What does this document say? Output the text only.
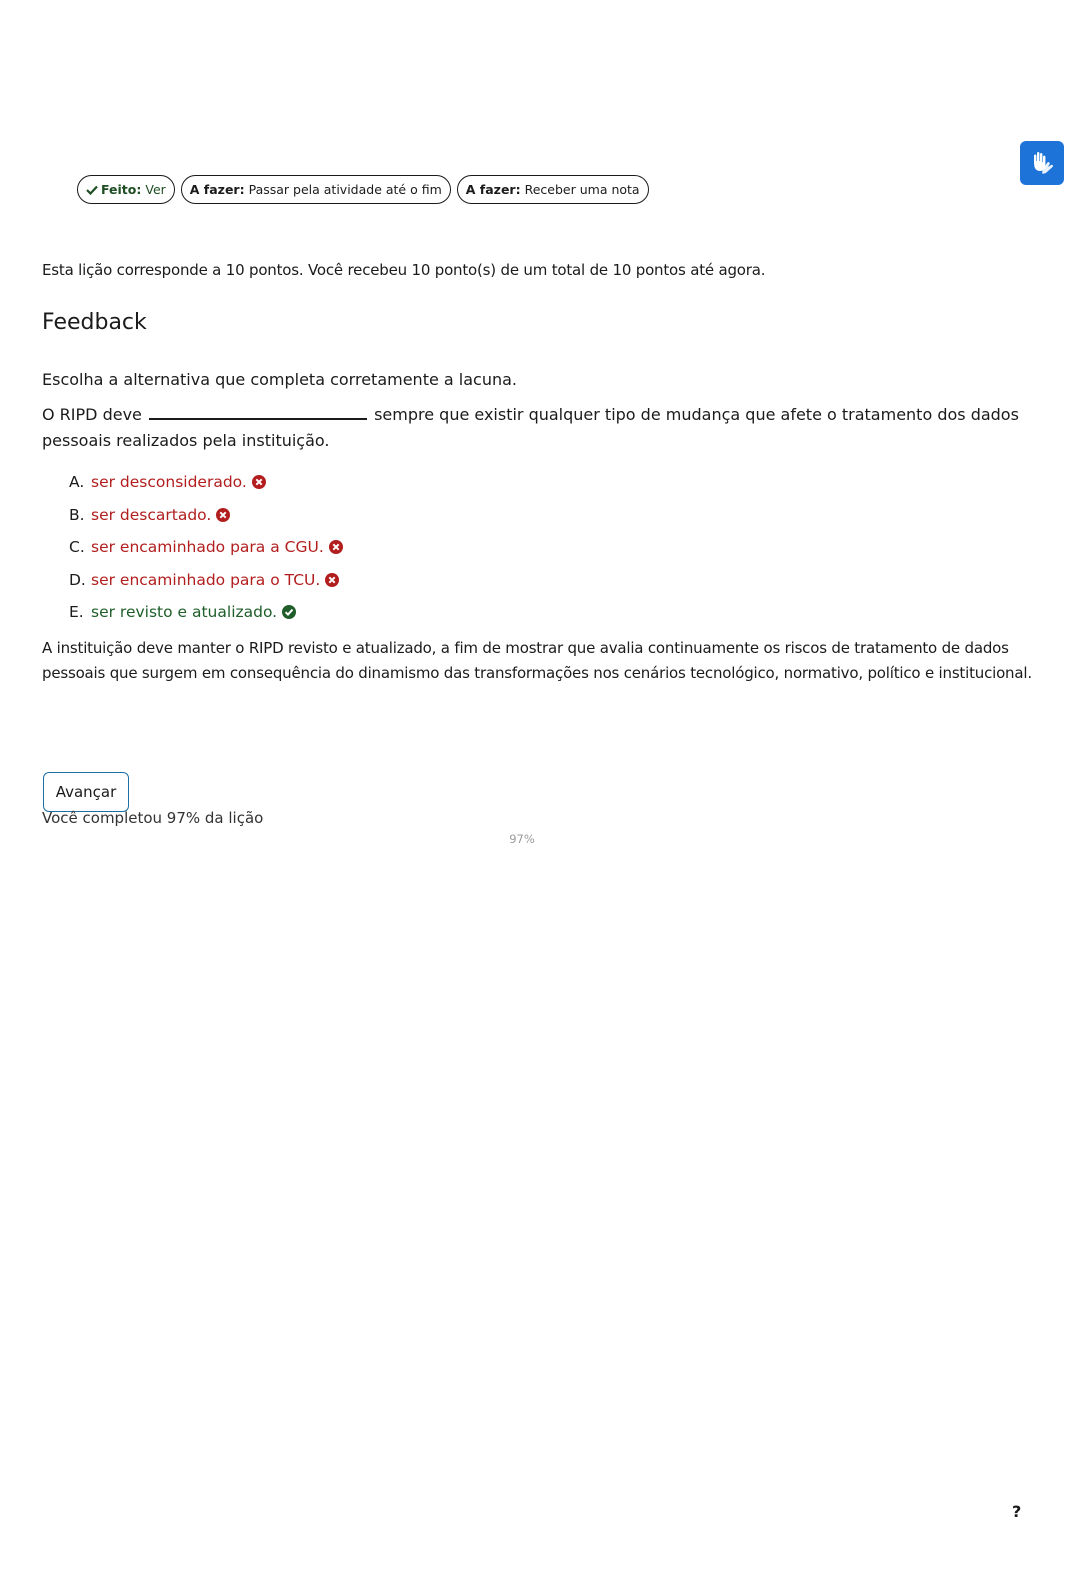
Feito: Ver A fazer: Passar pela atividade até o fim A fazer: Receber uma nota

Esta lição corresponde a 10 pontos. Você recebeu 10 ponto(s) de um total de 10 pontos até agora.

Feedback

Escolha a alternativa que completa corretamente a lacuna.

O RIPD deve	sempre que existir qualquer tipo de mudança que afete o tratamento dos dados pessoais realizados pela instituição.

A. ser desconsiderado.
B. ser descartado.
C. ser encaminhado para a CGU.
D. ser encaminhado para o TCU.
E. ser revisto e atualizado.

A instituição deve manter o RIPD revisto e atualizado, a fim de mostrar que avalia continuamente os riscos de tratamento de dados pessoais que surgem em consequência do dinamismo das transformações nos cenários tecnológico, normativo, político e institucional.

Avançar
Você completou 97% da lição
97%
?
